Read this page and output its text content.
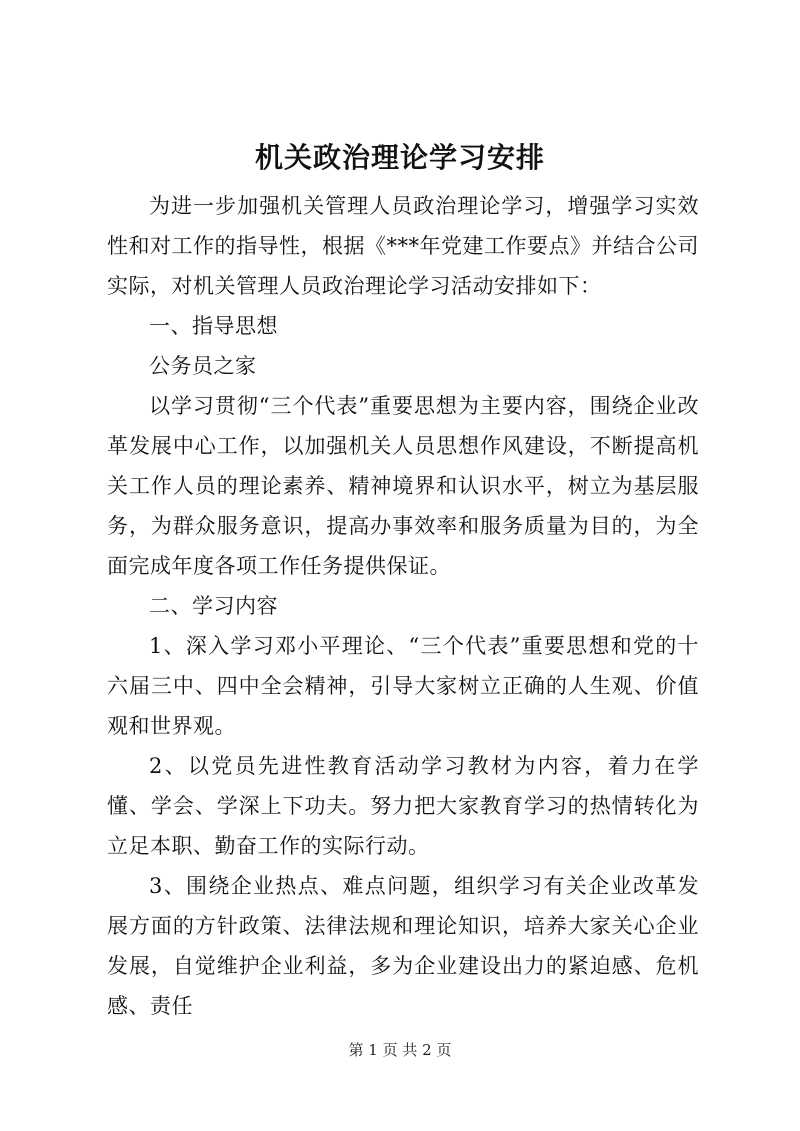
机关政治理论学习安排

为进一步加强机关管理人员政治理论学习，增强学习实效性和对工作的指导性，根据《***年党建工作要点》并结合公司实际，对机关管理人员政治理论学习活动安排如下：

一、指导思想

公务员之家

以学习贯彻“三个代表”重要思想为主要内容，围绕企业改革发展中心工作，以加强机关人员思想作风建设，不断提高机关工作人员的理论素养、精神境界和认识水平，树立为基层服务，为群众服务意识，提高办事效率和服务质量为目的，为全面完成年度各项工作任务提供保证。

二、学习内容

1、深入学习邓小平理论、“三个代表”重要思想和党的十六届三中、四中全会精神，引导大家树立正确的人生观、价值观和世界观。

2、以党员先进性教育活动学习教材为内容，着力在学懂、学会、学深上下功夫。努力把大家教育学习的热情转化为立足本职、勤奋工作的实际行动。

3、围绕企业热点、难点问题，组织学习有关企业改革发展方面的方针政策、法律法规和理论知识，培养大家关心企业发展，自觉维护企业利益，多为企业建设出力的紧迫感、危机感、责任

第 1 页 共 2 页
